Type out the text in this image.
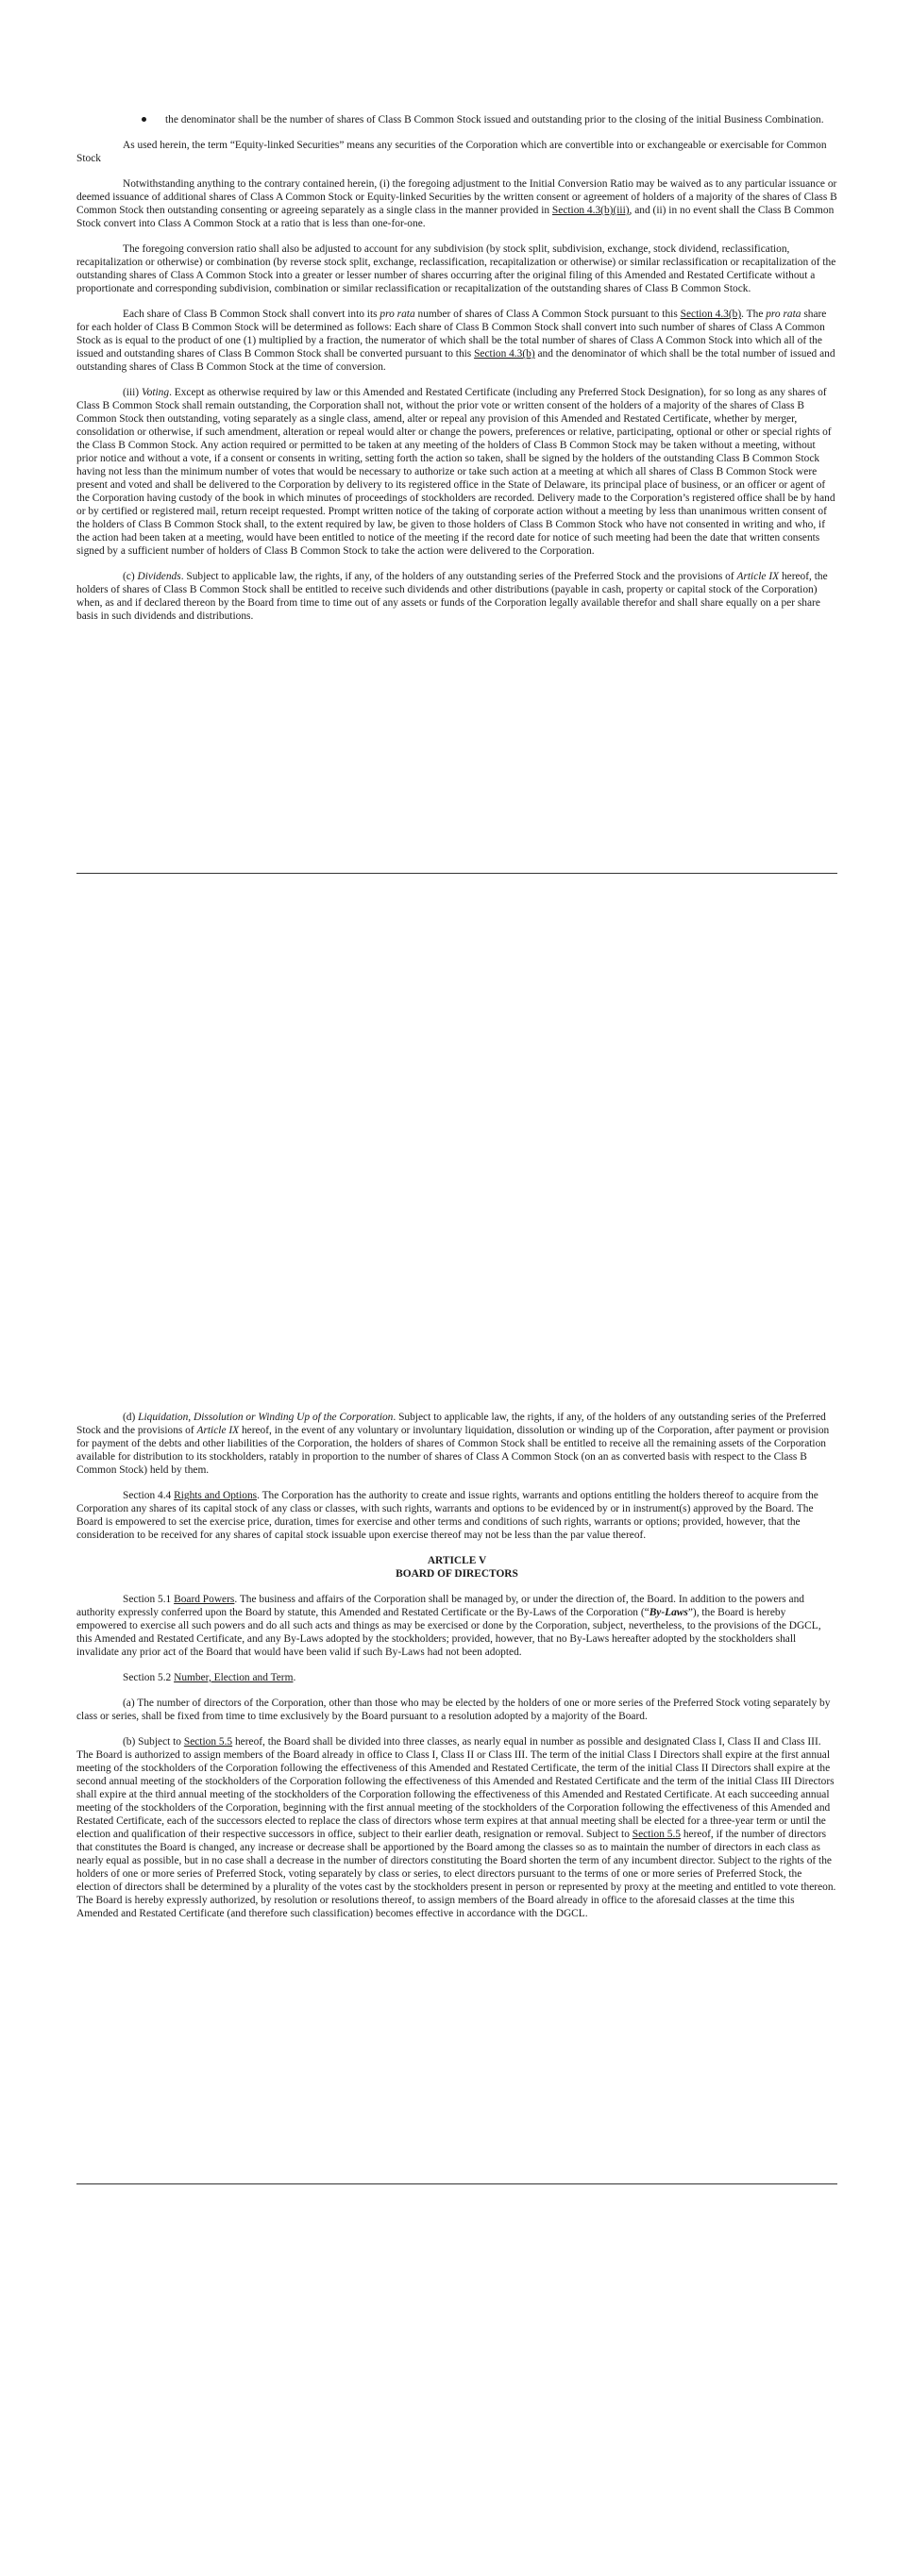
the denominator shall be the number of shares of Class B Common Stock issued and outstanding prior to the closing of the initial Business Combination.

As used herein, the term “Equity-linked Securities” means any securities of the Corporation which are convertible into or exchangeable or exercisable for Common Stock

Notwithstanding anything to the contrary contained herein, (i) the foregoing adjustment to the Initial Conversion Ratio may be waived as to any particular issuance or deemed issuance of additional shares of Class A Common Stock or Equity-linked Securities by the written consent or agreement of holders of a majority of the shares of Class B Common Stock then outstanding consenting or agreeing separately as a single class in the manner provided in Section 4.3(b)(iii), and (ii) in no event shall the Class B Common Stock convert into Class A Common Stock at a ratio that is less than one-for-one.

The foregoing conversion ratio shall also be adjusted to account for any subdivision (by stock split, subdivision, exchange, stock dividend, reclassification, recapitalization or otherwise) or combination (by reverse stock split, exchange, reclassification, recapitalization or otherwise) or similar reclassification or recapitalization of the outstanding shares of Class A Common Stock into a greater or lesser number of shares occurring after the original filing of this Amended and Restated Certificate without a proportionate and corresponding subdivision, combination or similar reclassification or recapitalization of the outstanding shares of Class B Common Stock.

Each share of Class B Common Stock shall convert into its pro rata number of shares of Class A Common Stock pursuant to this Section 4.3(b). The pro rata share for each holder of Class B Common Stock will be determined as follows: Each share of Class B Common Stock shall convert into such number of shares of Class A Common Stock as is equal to the product of one (1) multiplied by a fraction, the numerator of which shall be the total number of shares of Class A Common Stock into which all of the issued and outstanding shares of Class B Common Stock shall be converted pursuant to this Section 4.3(b) and the denominator of which shall be the total number of issued and outstanding shares of Class B Common Stock at the time of conversion.

(iii) Voting. Except as otherwise required by law or this Amended and Restated Certificate (including any Preferred Stock Designation), for so long as any shares of Class B Common Stock shall remain outstanding, the Corporation shall not, without the prior vote or written consent of the holders of a majority of the shares of Class B Common Stock then outstanding, voting separately as a single class, amend, alter or repeal any provision of this Amended and Restated Certificate, whether by merger, consolidation or otherwise, if such amendment, alteration or repeal would alter or change the powers, preferences or relative, participating, optional or other or special rights of the Class B Common Stock. Any action required or permitted to be taken at any meeting of the holders of Class B Common Stock may be taken without a meeting, without prior notice and without a vote, if a consent or consents in writing, setting forth the action so taken, shall be signed by the holders of the outstanding Class B Common Stock having not less than the minimum number of votes that would be necessary to authorize or take such action at a meeting at which all shares of Class B Common Stock were present and voted and shall be delivered to the Corporation by delivery to its registered office in the State of Delaware, its principal place of business, or an officer or agent of the Corporation having custody of the book in which minutes of proceedings of stockholders are recorded. Delivery made to the Corporation’s registered office shall be by hand or by certified or registered mail, return receipt requested. Prompt written notice of the taking of corporate action without a meeting by less than unanimous written consent of the holders of Class B Common Stock shall, to the extent required by law, be given to those holders of Class B Common Stock who have not consented in writing and who, if the action had been taken at a meeting, would have been entitled to notice of the meeting if the record date for notice of such meeting had been the date that written consents signed by a sufficient number of holders of Class B Common Stock to take the action were delivered to the Corporation.

(c) Dividends. Subject to applicable law, the rights, if any, of the holders of any outstanding series of the Preferred Stock and the provisions of Article IX hereof, the holders of shares of Class B Common Stock shall be entitled to receive such dividends and other distributions (payable in cash, property or capital stock of the Corporation) when, as and if declared thereon by the Board from time to time out of any assets or funds of the Corporation legally available therefor and shall share equally on a per share basis in such dividends and distributions.

(d) Liquidation, Dissolution or Winding Up of the Corporation. Subject to applicable law, the rights, if any, of the holders of any outstanding series of the Preferred Stock and the provisions of Article IX hereof, in the event of any voluntary or involuntary liquidation, dissolution or winding up of the Corporation, after payment or provision for payment of the debts and other liabilities of the Corporation, the holders of shares of Common Stock shall be entitled to receive all the remaining assets of the Corporation available for distribution to its stockholders, ratably in proportion to the number of shares of Class A Common Stock (on an as converted basis with respect to the Class B Common Stock) held by them.

Section 4.4 Rights and Options. The Corporation has the authority to create and issue rights, warrants and options entitling the holders thereof to acquire from the Corporation any shares of its capital stock of any class or classes, with such rights, warrants and options to be evidenced by or in instrument(s) approved by the Board. The Board is empowered to set the exercise price, duration, times for exercise and other terms and conditions of such rights, warrants or options; provided, however, that the consideration to be received for any shares of capital stock issuable upon exercise thereof may not be less than the par value thereof.

ARTICLE V

BOARD OF DIRECTORS

Section 5.1 Board Powers. The business and affairs of the Corporation shall be managed by, or under the direction of, the Board. In addition to the powers and authority expressly conferred upon the Board by statute, this Amended and Restated Certificate or the By-Laws of the Corporation (“By-Laws”), the Board is hereby empowered to exercise all such powers and do all such acts and things as may be exercised or done by the Corporation, subject, nevertheless, to the provisions of the DGCL, this Amended and Restated Certificate, and any By-Laws adopted by the stockholders; provided, however, that no By-Laws hereafter adopted by the stockholders shall invalidate any prior act of the Board that would have been valid if such By-Laws had not been adopted.

Section 5.2 Number, Election and Term.

(a) The number of directors of the Corporation, other than those who may be elected by the holders of one or more series of the Preferred Stock voting separately by class or series, shall be fixed from time to time exclusively by the Board pursuant to a resolution adopted by a majority of the Board.

(b) Subject to Section 5.5 hereof, the Board shall be divided into three classes, as nearly equal in number as possible and designated Class I, Class II and Class III. The Board is authorized to assign members of the Board already in office to Class I, Class II or Class III. The term of the initial Class I Directors shall expire at the first annual meeting of the stockholders of the Corporation following the effectiveness of this Amended and Restated Certificate, the term of the initial Class II Directors shall expire at the second annual meeting of the stockholders of the Corporation following the effectiveness of this Amended and Restated Certificate and the term of the initial Class III Directors shall expire at the third annual meeting of the stockholders of the Corporation following the effectiveness of this Amended and Restated Certificate. At each succeeding annual meeting of the stockholders of the Corporation, beginning with the first annual meeting of the stockholders of the Corporation following the effectiveness of this Amended and Restated Certificate, each of the successors elected to replace the class of directors whose term expires at that annual meeting shall be elected for a three-year term or until the election and qualification of their respective successors in office, subject to their earlier death, resignation or removal. Subject to Section 5.5 hereof, if the number of directors that constitutes the Board is changed, any increase or decrease shall be apportioned by the Board among the classes so as to maintain the number of directors in each class as nearly equal as possible, but in no case shall a decrease in the number of directors constituting the Board shorten the term of any incumbent director. Subject to the rights of the holders of one or more series of Preferred Stock, voting separately by class or series, to elect directors pursuant to the terms of one or more series of Preferred Stock, the election of directors shall be determined by a plurality of the votes cast by the stockholders present in person or represented by proxy at the meeting and entitled to vote thereon. The Board is hereby expressly authorized, by resolution or resolutions thereof, to assign members of the Board already in office to the aforesaid classes at the time this Amended and Restated Certificate (and therefore such classification) becomes effective in accordance with the DGCL.
